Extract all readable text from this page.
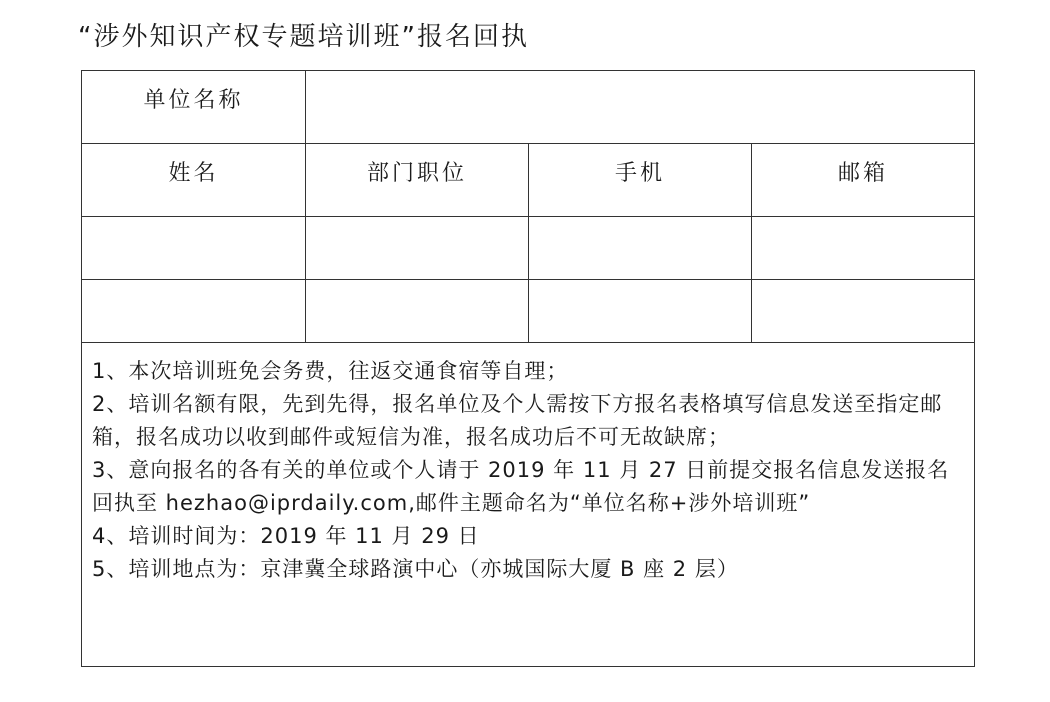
“涉外知识产权专题培训班”报名回执
单位名称			

姓名	部门职位	手机	邮箱

1、本次培训班免会务费，往返交通食宿等自理；
2、培训名额有限，先到先得，报名单位及个人需按下方报名表格填写信息发送至指定邮箱，报名成功以收到邮件或短信为准，报名成功后不可无故缺席；
3、意向报名的各有关的单位或个人请于 2019 年 11 月 27 日前提交报名信息发送报名回执至 hezhao@iprdaily.com,邮件主题命名为“单位名称+涉外培训班”
4、培训时间为：2019 年 11 月 29 日
5、培训地点为：京津冀全球路演中心（亦城国际大厦 B 座 2 层）			
